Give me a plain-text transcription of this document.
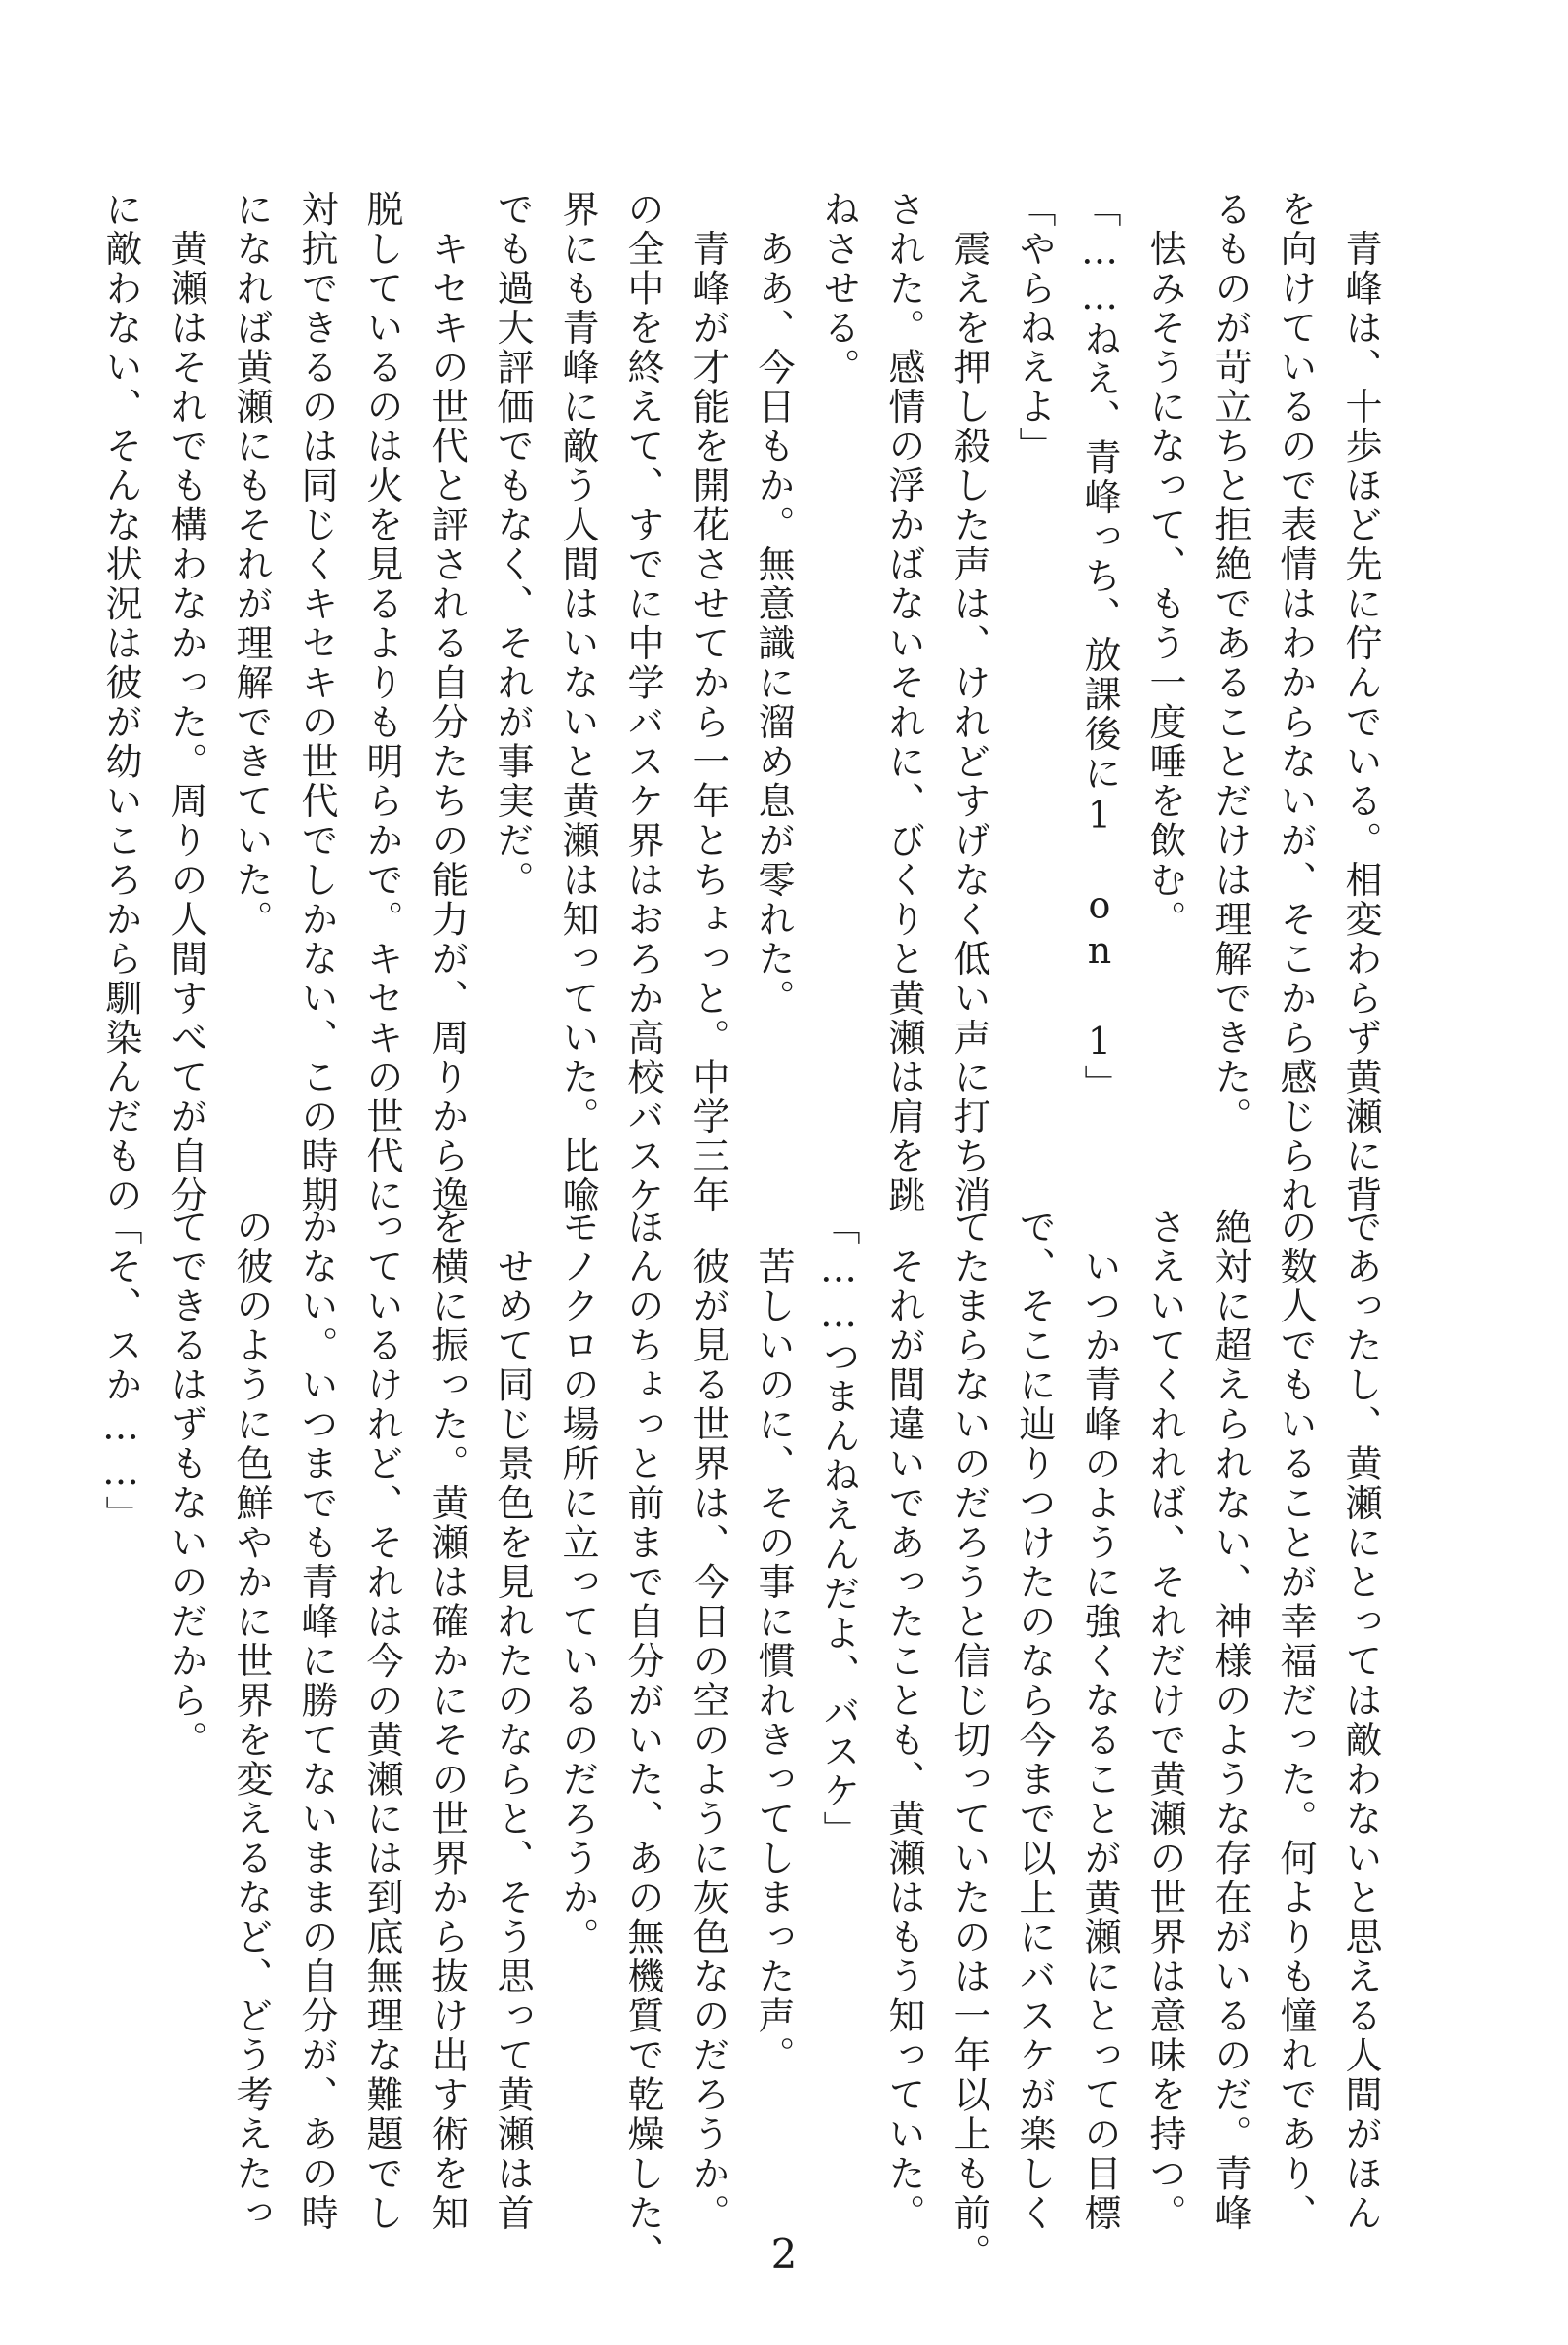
　青峰は、十歩ほど先に佇んでいる。相変わらず黄瀬に背
を向けているので表情はわからないが、そこから感じられ
るものが苛立ちと拒絶であることだけは理解できた。
　怯みそうになって、もう一度唾を飲む。
「……ねえ、青峰っち、放課後に1 on 1」
「やらねえよ」
　震えを押し殺した声は、けれどすげなく低い声に打ち消
された。感情の浮かばないそれに、びくりと黄瀬は肩を跳
ねさせる。
　ああ、今日もか。無意識に溜め息が零れた。
　青峰が才能を開花させてから一年とちょっと。中学三年
の全中を終えて、すでに中学バスケ界はおろか高校バスケ
界にも青峰に敵う人間はいないと黄瀬は知っていた。比喩
でも過大評価でもなく、それが事実だ。
　キセキの世代と評される自分たちの能力が、周りから逸
脱しているのは火を見るよりも明らかで。キセキの世代に
対抗できるのは同じくキセキの世代でしかない、この時期
になれば黄瀬にもそれが理解できていた。
　黄瀬はそれでも構わなかった。周りの人間すべてが自分
に敵わない、そんな状況は彼が幼いころから馴染んだもの
であったし、黄瀬にとっては敵わないと思える人間がほん
の数人でもいることが幸福だった。何よりも憧れであり、
絶対に超えられない、神様のような存在がいるのだ。青峰
さえいてくれれば、それだけで黄瀬の世界は意味を持つ。
　いつか青峰のように強くなることが黄瀬にとっての目標
で、そこに辿りつけたのなら今まで以上にバスケが楽しく
てたまらないのだろうと信じ切っていたのは一年以上も前。
　それが間違いであったことも、黄瀬はもう知っていた。
「……つまんねえんだよ、バスケ」
　苦しいのに、その事に慣れきってしまった声。
　彼が見る世界は、今日の空のように灰色なのだろうか。
ほんのちょっと前まで自分がいた、あの無機質で乾燥した、
モノクロの場所に立っているのだろうか。
　せめて同じ景色を見れたのならと、そう思って黄瀬は首
を横に振った。黄瀬は確かにその世界から抜け出す術を知
っているけれど、それは今の黄瀬には到底無理な難題でし
かない。いつまでも青峰に勝てないままの自分が、あの時
の彼のように色鮮やかに世界を変えるなど、どう考えたっ
てできるはずもないのだから。
「そ、スか……」
2
